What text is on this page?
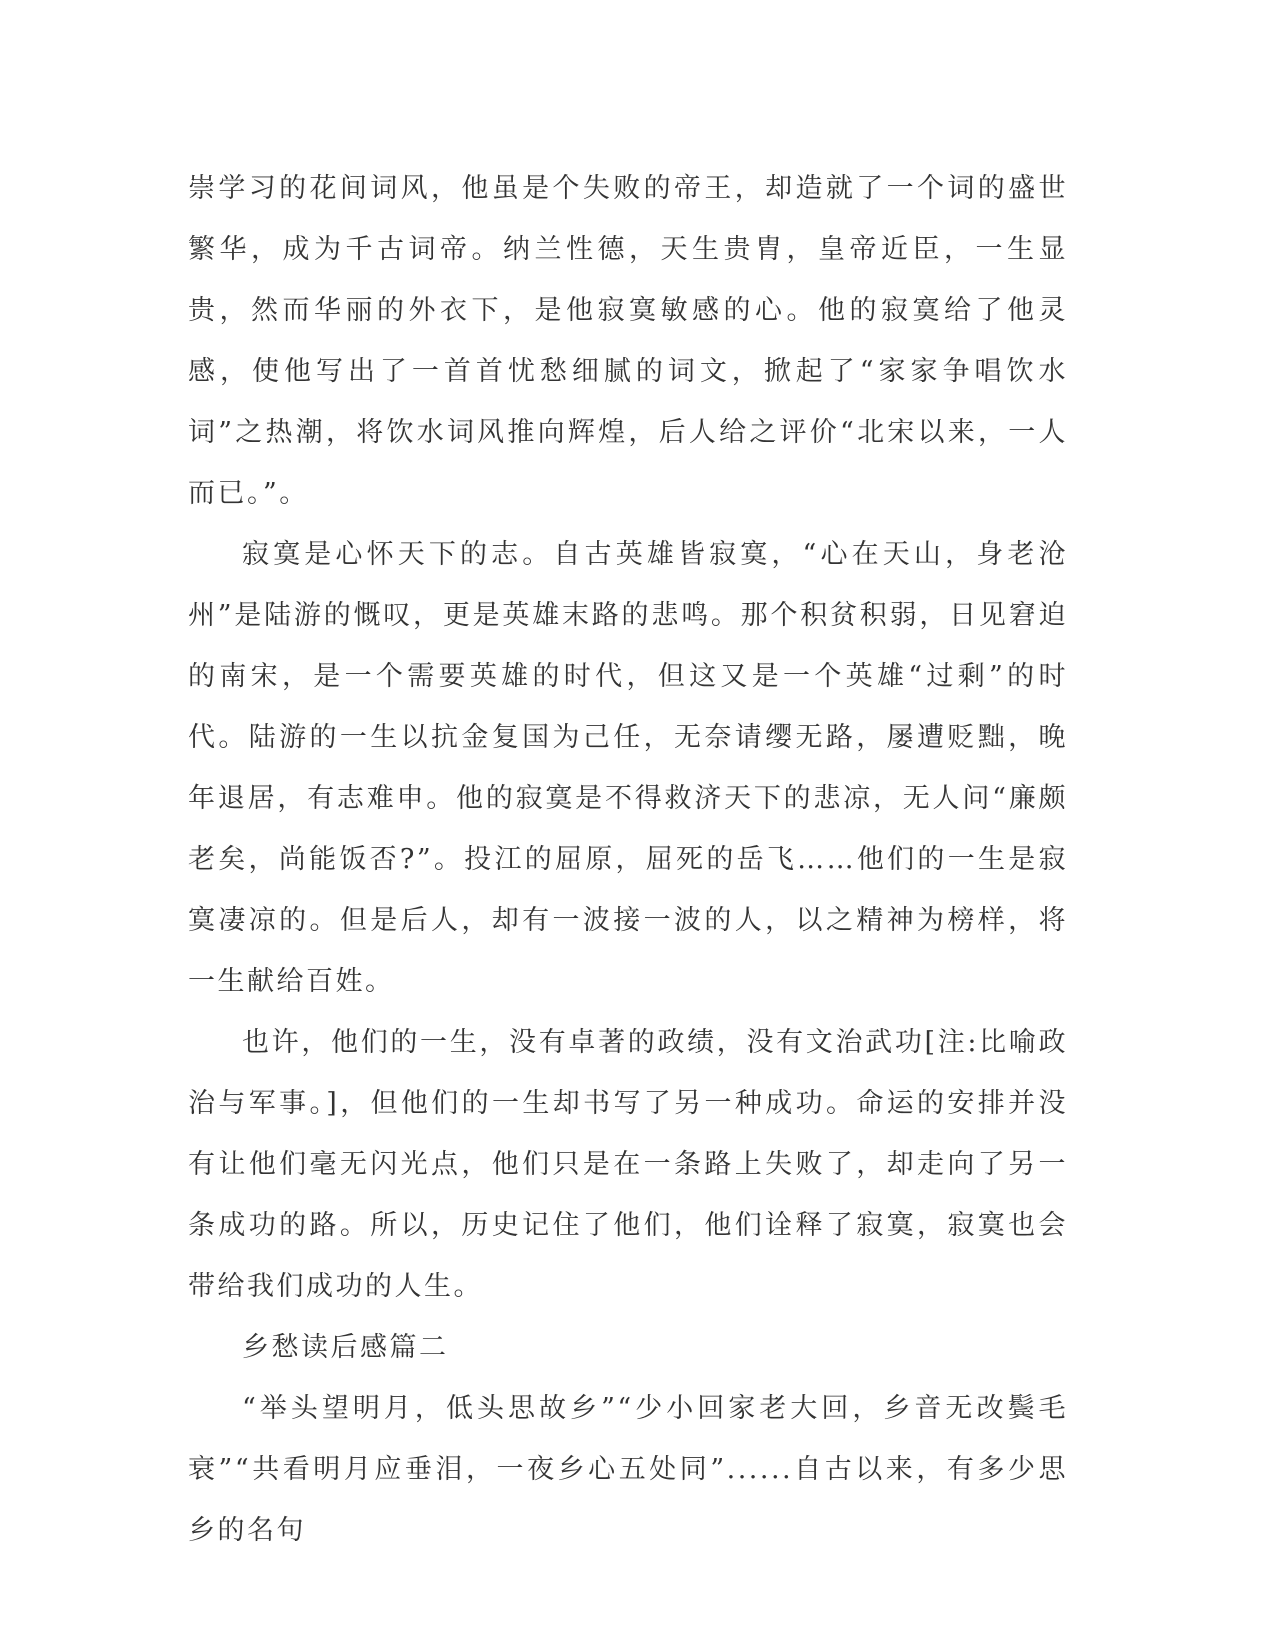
崇学习的花间词风，他虽是个失败的帝王，却造就了一个词的盛世繁华，成为千古词帝。纳兰性德，天生贵胄，皇帝近臣，一生显贵，然而华丽的外衣下，是他寂寞敏感的心。他的寂寞给了他灵感，使他写出了一首首忧愁细腻的词文，掀起了“家家争唱饮水词”之热潮，将饮水词风推向辉煌，后人给之评价“北宋以来，一人而已。”。

寂寞是心怀天下的志。自古英雄皆寂寞，“心在天山，身老沧州”是陆游的慨叹，更是英雄末路的悲鸣。那个积贫积弱，日见窘迫的南宋，是一个需要英雄的时代，但这又是一个英雄“过剩”的时代。陆游的一生以抗金复国为己任，无奈请缨无路，屡遭贬黜，晚年退居，有志难申。他的寂寞是不得救济天下的悲凉，无人问“廉颇老矣，尚能饭否?”。投江的屈原，屈死的岳飞……他们的一生是寂寞凄凉的。但是后人，却有一波接一波的人，以之精神为榜样，将一生献给百姓。

也许，他们的一生，没有卓著的政绩，没有文治武功[注:比喻政治与军事。]，但他们的一生却书写了另一种成功。命运的安排并没有让他们毫无闪光点，他们只是在一条路上失败了，却走向了另一条成功的路。所以，历史记住了他们，他们诠释了寂寞，寂寞也会带给我们成功的人生。

乡愁读后感篇二

“举头望明月，低头思故乡”“少小回家老大回，乡音无改鬓毛衰”“共看明月应垂泪，一夜乡心五处同”......自古以来，有多少思乡的名句
